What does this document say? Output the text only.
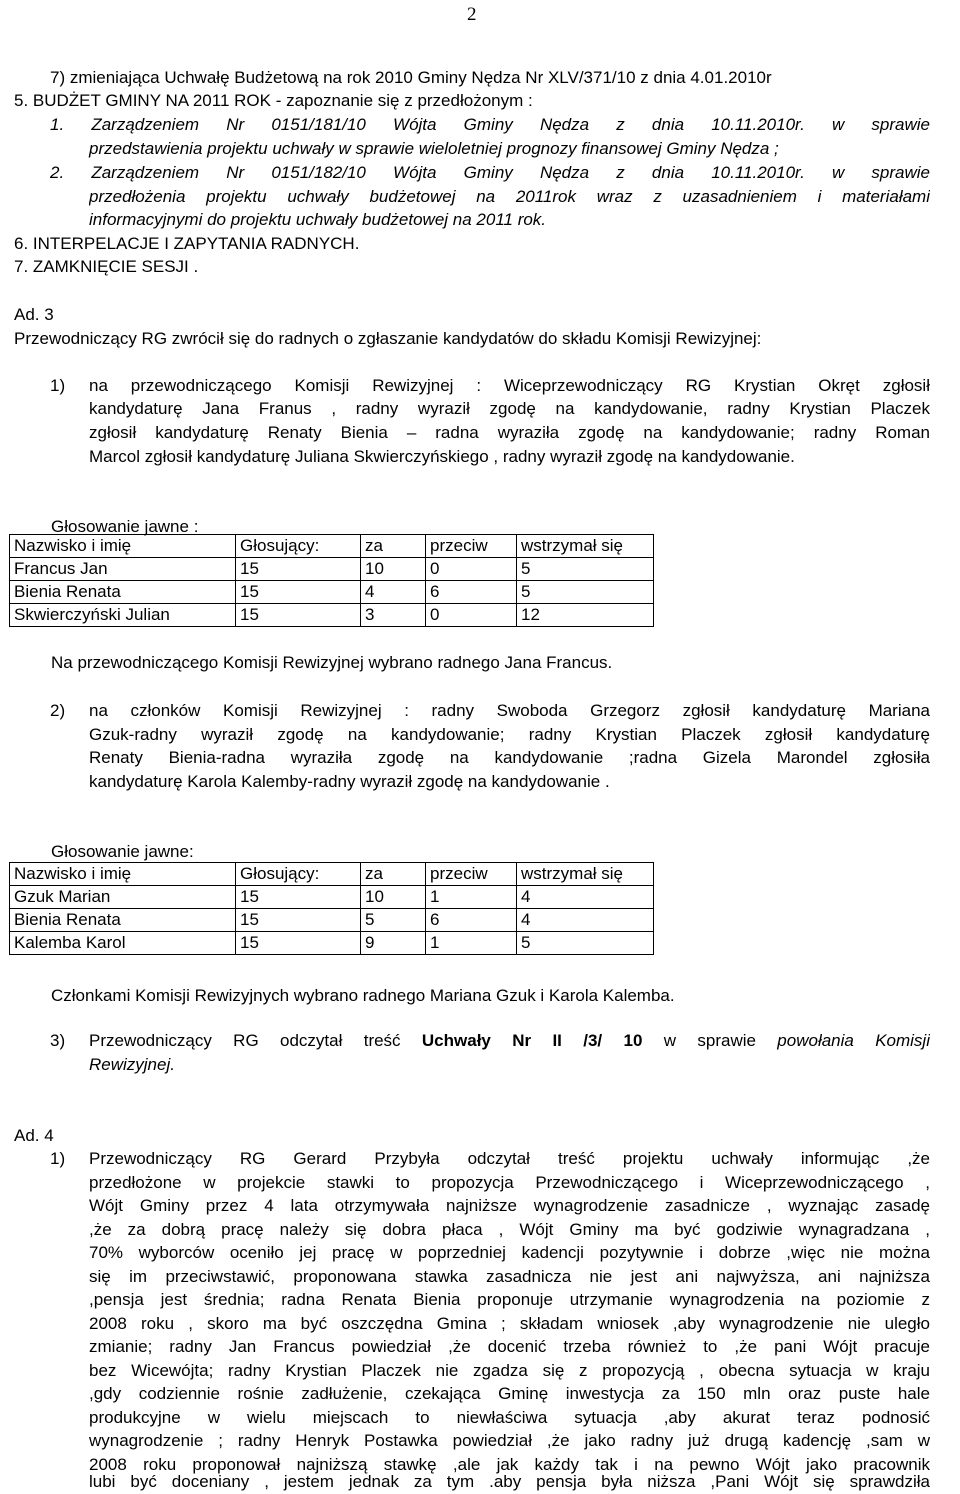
2
7) zmieniająca Uchwałę Budżetową na rok 2010 Gminy Nędza Nr XLV/371/10 z dnia 4.01.2010r
5. BUDŻET GMINY NA 2011 ROK - zapoznanie się z przedłożonym :
1. Zarządzeniem Nr 0151/181/10 Wójta Gminy Nędza z dnia 10.11.2010r. w sprawie
przedstawienia projektu uchwały w sprawie wieloletniej prognozy finansowej Gminy Nędza ;
2. Zarządzeniem Nr 0151/182/10 Wójta Gminy Nędza z dnia 10.11.2010r. w sprawie
przedłożenia projektu uchwały budżetowej na 2011rok wraz z uzasadnieniem i materiałami
informacyjnymi do projektu uchwały budżetowej na 2011 rok.
6. INTERPELACJE I ZAPYTANIA RADNYCH.
7. ZAMKNIĘCIE SESJI .
Ad. 3
Przewodniczący RG zwrócił się do radnych o zgłaszanie kandydatów do składu Komisji Rewizyjnej:
1) na przewodniczącego Komisji Rewizyjnej : Wiceprzewodniczący RG Krystian Okręt zgłosił
kandydaturę Jana Franus , radny wyraził zgodę na kandydowanie, radny Krystian Placzek
zgłosił kandydaturę Renaty Bienia – radna wyraziła zgodę na kandydowanie; radny Roman
Marcol zgłosił kandydaturę Juliana Skwierczyńskiego , radny wyraził zgodę na kandydowanie.
Głosowanie jawne :
Nazwisko i imię	Głosujący:	za	przeciw	wstrzymał się
Francus Jan	15	10	0	5
Bienia Renata	15	4	6	5
Skwierczyński Julian	15	3	0	12
Na przewodniczącego Komisji Rewizyjnej wybrano radnego Jana Francus.
2) na członków Komisji Rewizyjnej : radny Swoboda Grzegorz zgłosił kandydaturę Mariana
Gzuk-radny wyraził zgodę na kandydowanie; radny Krystian Placzek zgłosił kandydaturę
Renaty Bienia-radna wyraziła zgodę na kandydowanie ;radna Gizela Marondel zgłosiła
kandydaturę Karola Kalemby-radny wyraził zgodę na kandydowanie .
Głosowanie jawne:
Nazwisko i imię	Głosujący:	za	przeciw	wstrzymał się
Gzuk Marian	15	10	1	4
Bienia Renata	15	5	6	4
Kalemba Karol	15	9	1	5
Członkami Komisji Rewizyjnych wybrano radnego Mariana Gzuk i Karola Kalemba.
3) Przewodniczący RG odczytał treść Uchwały Nr II /3/ 10 w sprawie powołania Komisji
Rewizyjnej.
Ad. 4
1) Przewodniczący RG Gerard Przybyła odczytał treść projektu uchwały informując ,że
przedłożone w projekcie stawki to propozycja Przewodniczącego i Wiceprzewodniczącego ,
Wójt Gminy przez 4 lata otrzymywała najniższe wynagrodzenie zasadnicze , wyznając zasadę
,że za dobrą pracę należy się dobra płaca , Wójt Gminy ma być godziwie wynagradzana ,
70% wyborców oceniło jej pracę w poprzedniej kadencji pozytywnie i dobrze ,więc nie można
się im przeciwstawić, proponowana stawka zasadnicza nie jest ani najwyższa, ani najniższa
,pensja jest średnia; radna Renata Bienia proponuje utrzymanie wynagrodzenia na poziomie z
2008 roku , skoro ma być oszczędna Gmina ; składam wniosek ,aby wynagrodzenie nie uległo
zmianie; radny Jan Francus powiedział ,że docenić trzeba również to ,że pani Wójt pracuje
bez Wicewójta; radny Krystian Placzek nie zgadza się z propozycją , obecna sytuacja w kraju
,gdy codziennie rośnie zadłużenie, czekająca Gminę inwestycja za 150 mln oraz puste hale
produkcyjne w wielu miejscach to niewłaściwa sytuacja ,aby akurat teraz podnosić
wynagrodzenie ; radny Henryk Postawka powiedział ,że jako radny już drugą kadencję ,sam w
2008 roku proponował najniższą stawkę ,ale jak każdy tak i na pewno Wójt jako pracownik
lubi być doceniany , jestem jednak za tym .aby pensja była niższa ,Pani Wójt się sprawdziła
